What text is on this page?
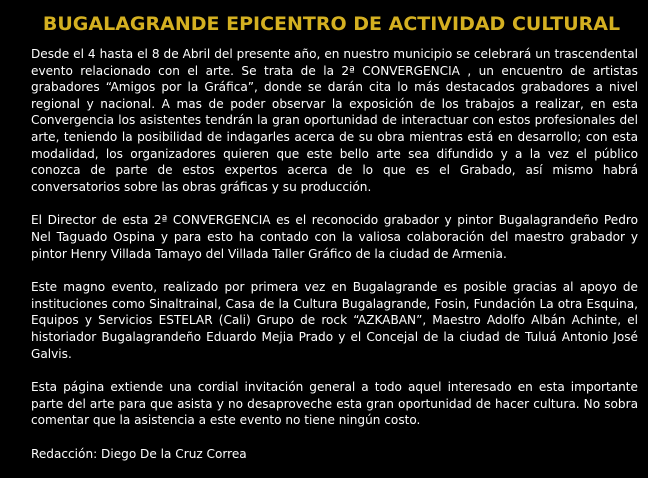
BUGALAGRANDE EPICENTRO DE ACTIVIDAD CULTURAL

Desde el 4 hasta el 8 de Abril del presente año, en nuestro municipio se celebrará un trascendental evento relacionado con el arte. Se trata de la 2ª CONVERGENCIA , un encuentro de artistas grabadores “Amigos por la Gráfica”, donde se darán cita lo más destacados grabadores a nivel regional y nacional. A mas de poder observar la exposición de los trabajos a realizar, en esta Convergencia los asistentes tendrán la gran oportunidad de interactuar con estos profesionales del arte, teniendo la posibilidad de indagarles acerca de su obra mientras está en desarrollo; con esta modalidad, los organizadores quieren que este bello arte sea difundido y a la vez el público conozca de parte de estos expertos acerca de lo que es el Grabado, así mismo habrá conversatorios sobre las obras gráficas y su producción.

El Director de esta 2ª CONVERGENCIA es el reconocido grabador y pintor Bugalagrandeño Pedro Nel Taguado Ospina y para esto ha contado con la valiosa colaboración del maestro grabador y pintor Henry Villada Tamayo del Villada Taller Gráfico de la ciudad de Armenia.

Este magno evento, realizado por primera vez en Bugalagrande es posible gracias al apoyo de instituciones como Sinaltrainal, Casa de la Cultura Bugalagrande, Fosin, Fundación La otra Esquina, Equipos y Servicios ESTELAR (Cali) Grupo de rock “AZKABAN”, Maestro Adolfo Albán Achinte, el historiador Bugalagrandeño Eduardo Mejia Prado y el Concejal de la ciudad de Tuluá Antonio José Galvis.

Esta página extiende una cordial invitación general a todo aquel interesado en esta importante parte del arte para que asista y no desaproveche esta gran oportunidad de hacer cultura. No sobra comentar que la asistencia a este evento no tiene ningún costo.

Redacción: Diego De la Cruz Correa
